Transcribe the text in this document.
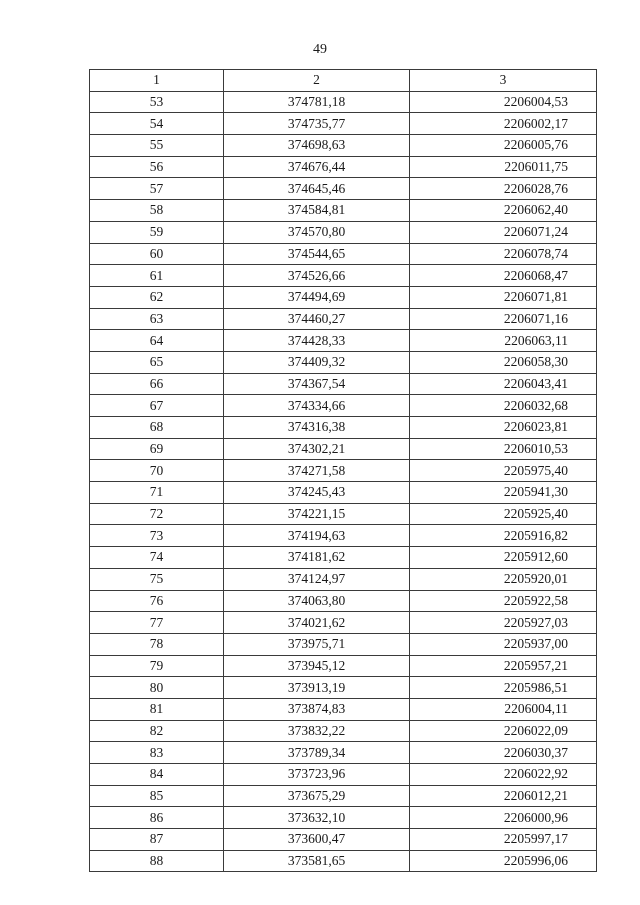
49
1	2	3
53	374781,18	2206004,53
54	374735,77	2206002,17
55	374698,63	2206005,76
56	374676,44	2206011,75
57	374645,46	2206028,76
58	374584,81	2206062,40
59	374570,80	2206071,24
60	374544,65	2206078,74
61	374526,66	2206068,47
62	374494,69	2206071,81
63	374460,27	2206071,16
64	374428,33	2206063,11
65	374409,32	2206058,30
66	374367,54	2206043,41
67	374334,66	2206032,68
68	374316,38	2206023,81
69	374302,21	2206010,53
70	374271,58	2205975,40
71	374245,43	2205941,30
72	374221,15	2205925,40
73	374194,63	2205916,82
74	374181,62	2205912,60
75	374124,97	2205920,01
76	374063,80	2205922,58
77	374021,62	2205927,03
78	373975,71	2205937,00
79	373945,12	2205957,21
80	373913,19	2205986,51
81	373874,83	2206004,11
82	373832,22	2206022,09
83	373789,34	2206030,37
84	373723,96	2206022,92
85	373675,29	2206012,21
86	373632,10	2206000,96
87	373600,47	2205997,17
88	373581,65	2205996,06
